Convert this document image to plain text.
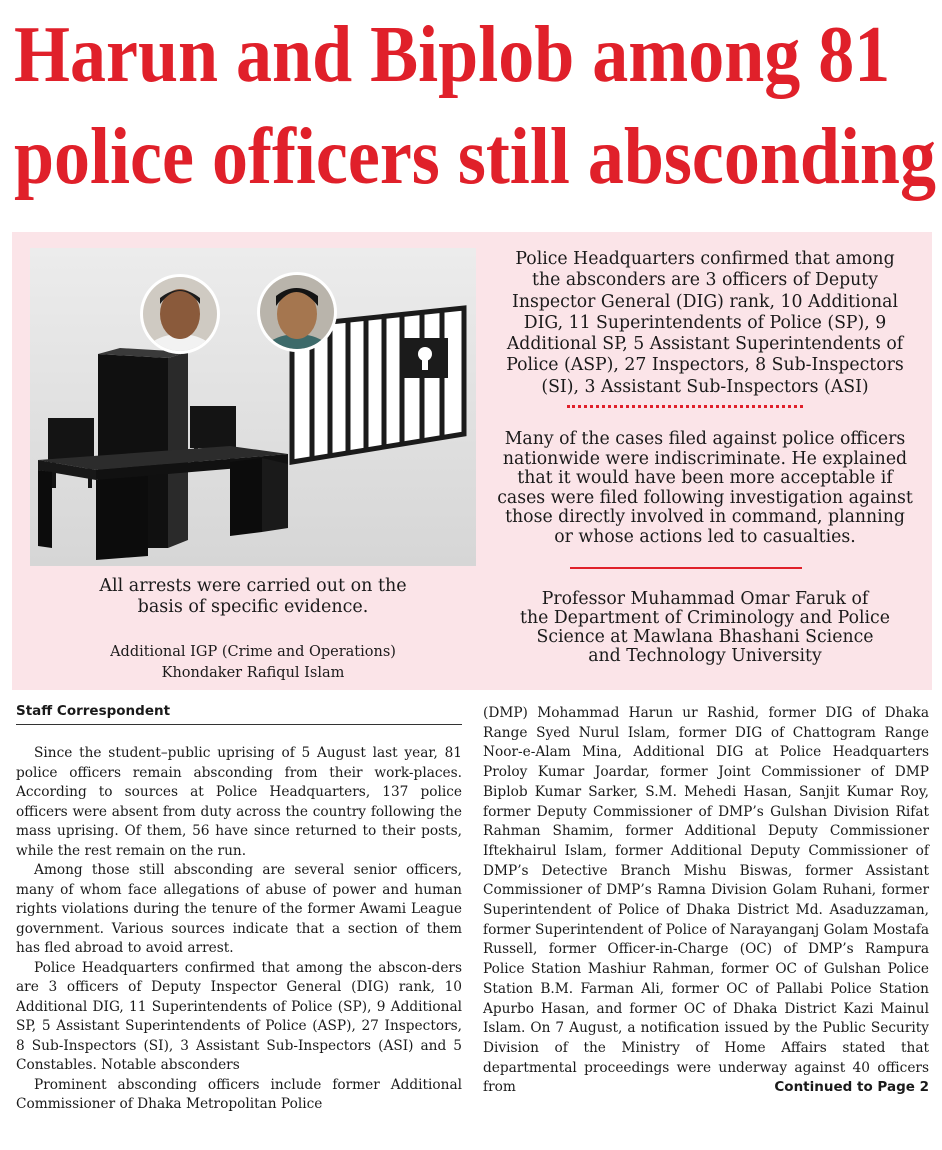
Harun and Biplob among 81
police officers still absconding
All arrests were carried out on the
basis of specific evidence.
Additional IGP (Crime and Operations)
Khondaker Rafiqul Islam
Police Headquarters confirmed that among
the absconders are 3 officers of Deputy
Inspector General (DIG) rank, 10 Additional
DIG, 11 Superintendents of Police (SP), 9
Additional SP, 5 Assistant Superintendents of
Police (ASP), 27 Inspectors, 8 Sub-Inspectors
(SI), 3 Assistant Sub-Inspectors (ASI)
Many of the cases filed against police officers
nationwide were indiscriminate. He explained
that it would have been more acceptable if
cases were filed following investigation against
those directly involved in command, planning
or whose actions led to casualties.
Professor Muhammad Omar Faruk of
the Department of Criminology and Police
Science at Mawlana Bhashani Science
and Technology University
Staff Correspondent

Since the student–public uprising of 5 August last year, 81 police officers remain absconding from their work-places. According to sources at Police Headquarters, 137 police officers were absent from duty across the country following the mass uprising. Of them, 56 have since returned to their posts, while the rest remain on the run.

Among those still absconding are several senior officers, many of whom face allegations of abuse of power and human rights violations during the tenure of the former Awami League government. Various sources indicate that a section of them has fled abroad to avoid arrest.

Police Headquarters confirmed that among the abscon-ders are 3 officers of Deputy Inspector General (DIG) rank, 10 Additional DIG, 11 Superintendents of Police (SP), 9 Additional SP, 5 Assistant Superintendents of Police (ASP), 27 Inspectors, 8 Sub-Inspectors (SI), 3 Assistant Sub-Inspectors (ASI) and 5 Constables. Notable absconders

Prominent absconding officers include former Additional Commissioner of Dhaka Metropolitan Police

(DMP) Mohammad Harun ur Rashid, former DIG of Dhaka Range Syed Nurul Islam, former DIG of Chattogram Range Noor-e-Alam Mina, Additional DIG at Police Headquarters Proloy Kumar Joardar, former Joint Commissioner of DMP Biplob Kumar Sarker, S.M. Mehedi Hasan, Sanjit Kumar Roy, former Deputy Commissioner of DMP’s Gulshan Division Rifat Rahman Shamim, former Additional Deputy Commissioner Iftekhairul Islam, former Additional Deputy Commissioner of DMP’s Detective Branch Mishu Biswas, former Assistant Commissioner of DMP’s Ramna Division Golam Ruhani, former Superintendent of Police of Dhaka District Md. Asaduzzaman, former Superintendent of Police of Narayanganj Golam Mostafa Russell, former Officer-in-Charge (OC) of DMP’s Rampura Police Station Mashiur Rahman, former OC of Gulshan Police Station B.M. Farman Ali, former OC of Pallabi Police Station Apurbo Hasan, and former OC of Dhaka District Kazi Mainul Islam. On 7 August, a notification issued by the Public Security Division of the Ministry of Home Affairs stated that departmental proceedings were underway against 40 officers from	Continued to Page 2
